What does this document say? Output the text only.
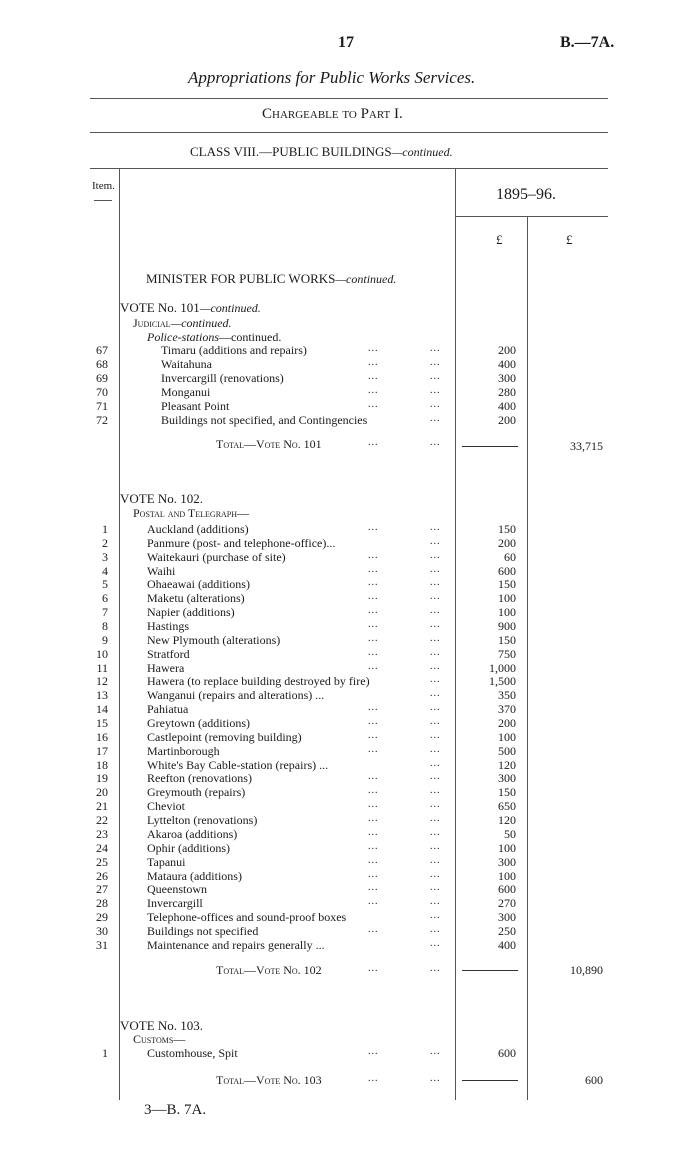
17	B.—7A.
Appropriations for Public Works Services.
Chargeable to Part I.
CLASS VIII.—PUBLIC BUILDINGS—continued.
Item.	1895–96.
£	£
MINISTER FOR PUBLIC WORKS—continued.
VOTE No. 101—continued.
Judicial—continued.
Police-stations—continued.
67	Timaru (additions and repairs)	...	...	200
68	Waitahuna	...	...	400
69	Invercargill (renovations)	...	...	300
70	Monganui	...	...	280
71	Pleasant Point	...	...	400
72	Buildings not specified, and Contingencies	...	200
Total—Vote No. 101	...	...	33,715
VOTE No. 102.
Postal and Telegraph—
1	Auckland (additions)	...	...	150
2	Panmure (post- and telephone-office)...	...	200
3	Waitekauri (purchase of site)	...	...	60
4	Waihi	...	...	600
5	Ohaeawai (additions)	...	...	150
6	Maketu (alterations)	...	...	100
7	Napier (additions)	...	...	100
8	Hastings	...	...	900
9	New Plymouth (alterations)	...	...	150
10	Stratford	...	...	750
11	Hawera	...	...	1,000
12	Hawera (to replace building destroyed by fire)	...	1,500
13	Wanganui (repairs and alterations) ...	...	350
14	Pahiatua	...	...	370
15	Greytown (additions)	...	...	200
16	Castlepoint (removing building)	...	...	100
17	Martinborough	...	...	500
18	White's Bay Cable-station (repairs) ...	...	120
19	Reefton (renovations)	...	...	300
20	Greymouth (repairs)	...	...	150
21	Cheviot	...	...	650
22	Lyttelton (renovations)	...	...	120
23	Akaroa (additions)	...	...	50
24	Ophir (additions)	...	...	100
25	Tapanui	...	...	300
26	Mataura (additions)	...	...	100
27	Queenstown	...	...	600
28	Invercargill	...	...	270
29	Telephone-offices and sound-proof boxes	...	300
30	Buildings not specified	...	...	250
31	Maintenance and repairs generally ...	...	400
Total—Vote No. 102	...	...	10,890
VOTE No. 103.
Customs—
1	Customhouse, Spit	...	...	600
Total—Vote No. 103	...	...	600
3—B. 7A.
